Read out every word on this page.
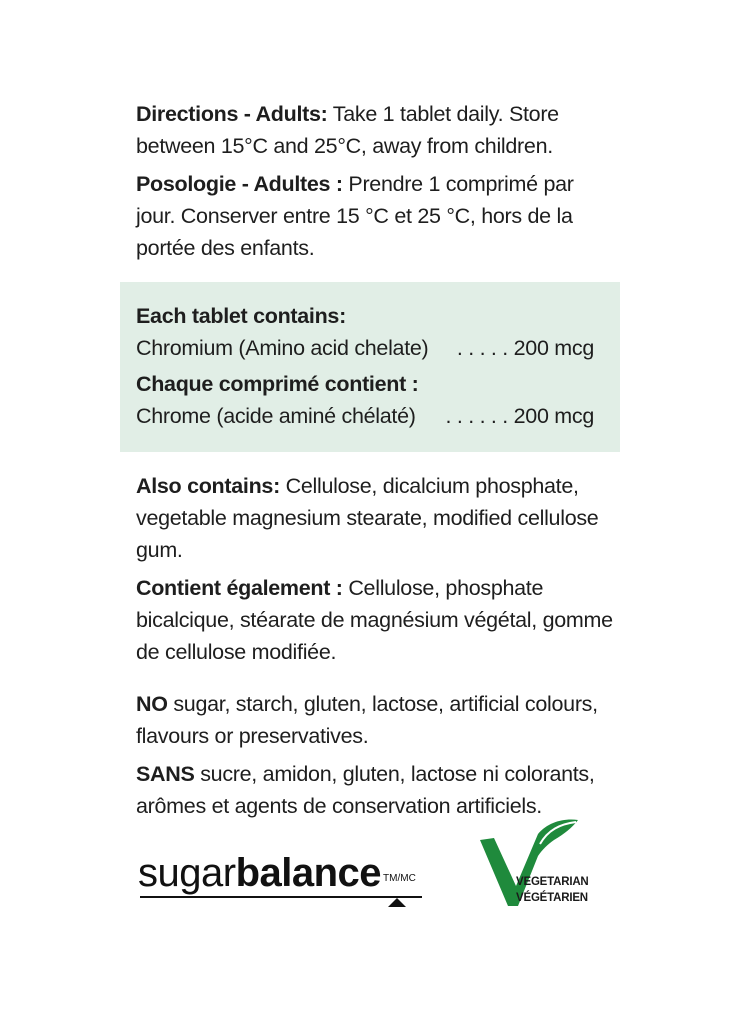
Directions - Adults: Take 1 tablet daily. Store between 15°C and 25°C, away from children.

Posologie - Adultes : Prendre 1 comprimé par jour. Conserver entre 15 °C et 25 °C, hors de la portée des enfants.

Each tablet contains:
Chromium (Amino acid chelate) . . . . . 200 mcg
Chaque comprimé contient :
Chrome (acide aminé chélaté) . . . . . . 200 mcg

Also contains: Cellulose, dicalcium phosphate, vegetable magnesium stearate, modified cellulose gum.

Contient également : Cellulose, phosphate bicalcique, stéarate de magnésium végétal, gomme de cellulose modifiée.

NO sugar, starch, gluten, lactose, artificial colours, flavours or preservatives.

SANS sucre, amidon, gluten, lactose ni colorants, arômes et agents de conservation artificiels.

sugarbalance $^{TM/MC}$	VEGETARIAN
VÉGÉTARIEN
